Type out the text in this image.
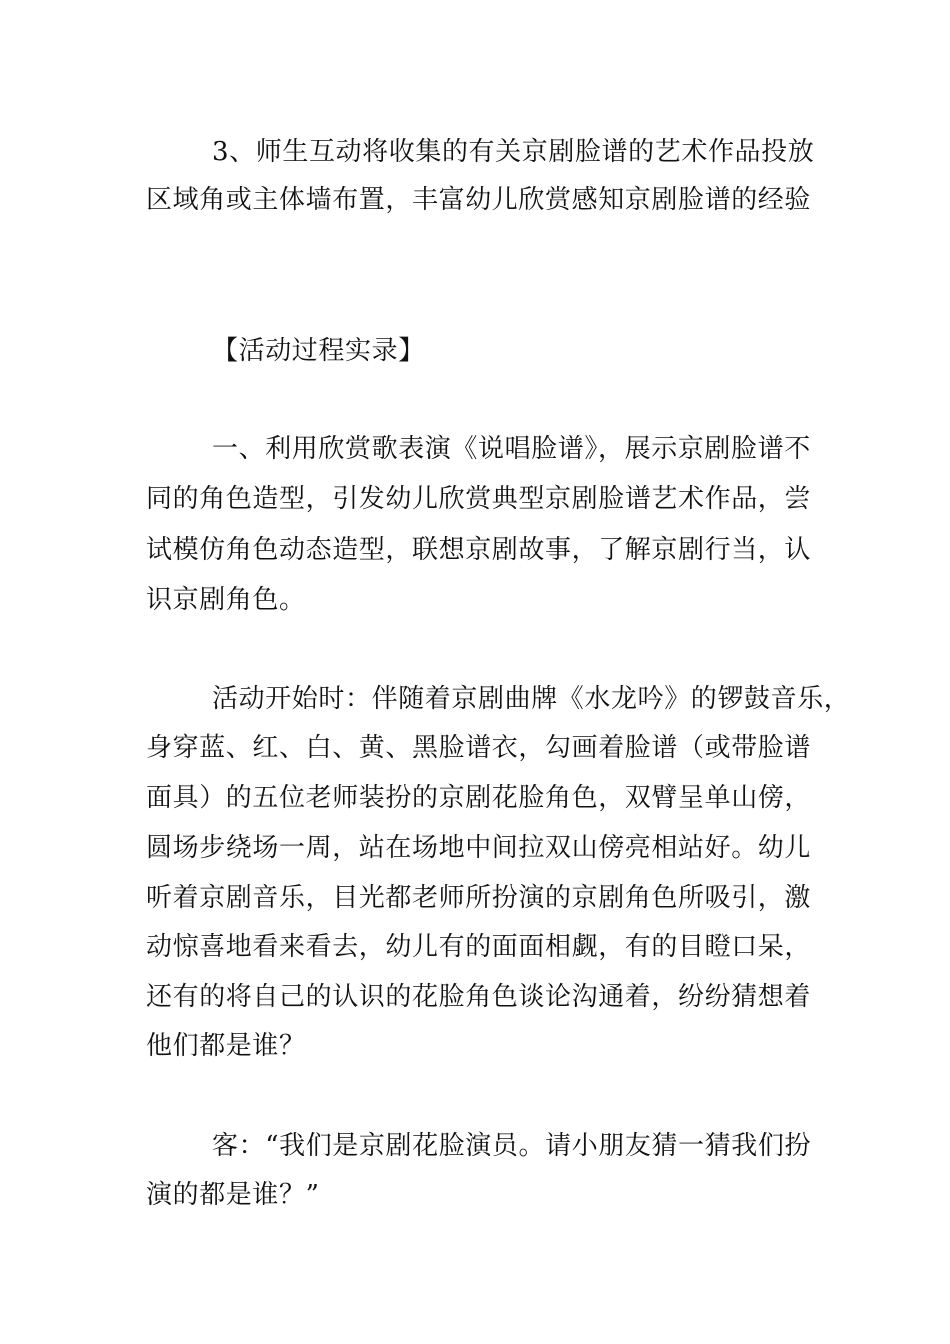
3、师生互动将收集的有关京剧脸谱的艺术作品投放
区域角或主体墙布置，丰富幼儿欣赏感知京剧脸谱的经验
【活动过程实录】
一、利用欣赏歌表演《说唱脸谱》，展示京剧脸谱不
同的角色造型，引发幼儿欣赏典型京剧脸谱艺术作品，尝
试模仿角色动态造型，联想京剧故事，了解京剧行当，认
识京剧角色。
活动开始时：伴随着京剧曲牌《水龙吟》的锣鼓音乐，
身穿蓝、红、白、黄、黑脸谱衣，勾画着脸谱（或带脸谱
面具）的五位老师装扮的京剧花脸角色，双臂呈单山傍，
圆场步绕场一周，站在场地中间拉双山傍亮相站好。幼儿
听着京剧音乐，目光都老师所扮演的京剧角色所吸引，激
动惊喜地看来看去，幼儿有的面面相觑，有的目瞪口呆，
还有的将自己的认识的花脸角色谈论沟通着，纷纷猜想着
他们都是谁？
客：“我们是京剧花脸演员。请小朋友猜一猜我们扮
演的都是谁？”
